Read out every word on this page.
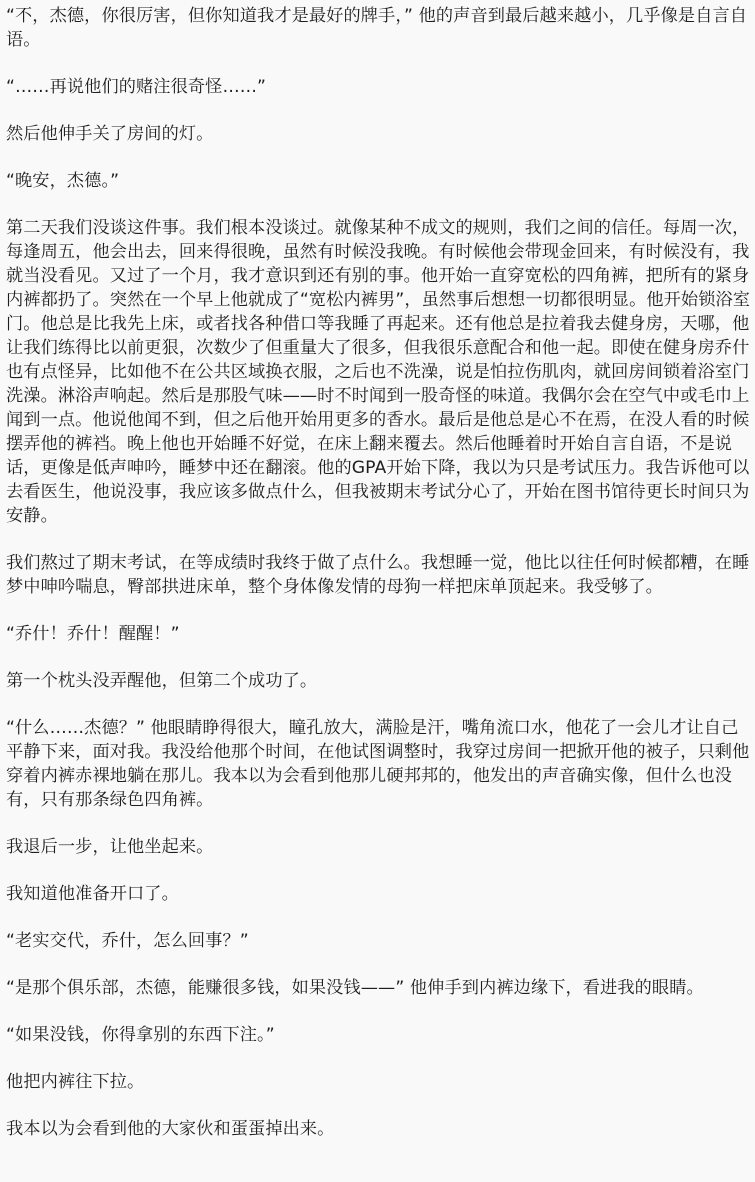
“不，杰德，你很厉害，但你知道我才是最好的牌手，” 他的声音到最后越来越小，几乎像是自言自语。

“……再说他们的赌注很奇怪……”

然后他伸手关了房间的灯。

“晚安，杰德。”

第二天我们没谈这件事。我们根本没谈过。就像某种不成文的规则，我们之间的信任。每周一次，每逢周五，他会出去，回来得很晚，虽然有时候没我晚。有时候他会带现金回来，有时候没有，我就当没看见。又过了一个月，我才意识到还有别的事。他开始一直穿宽松的四角裤，把所有的紧身内裤都扔了。突然在一个早上他就成了“宽松内裤男”，虽然事后想想一切都很明显。他开始锁浴室门。他总是比我先上床，或者找各种借口等我睡了再起来。还有他总是拉着我去健身房，天哪，他让我们练得比以前更狠，次数少了但重量大了很多，但我很乐意配合和他一起。即使在健身房乔什也有点怪异，比如他不在公共区域换衣服，之后也不洗澡，说是怕拉伤肌肉，就回房间锁着浴室门洗澡。淋浴声响起。然后是那股气味——时不时闻到一股奇怪的味道。我偶尔会在空气中或毛巾上闻到一点。他说他闻不到，但之后他开始用更多的香水。最后是他总是心不在焉，在没人看的时候摆弄他的裤裆。晚上他也开始睡不好觉，在床上翻来覆去。然后他睡着时开始自言自语，不是说话，更像是低声呻吟，睡梦中还在翻滚。他的GPA开始下降，我以为只是考试压力。我告诉他可以去看医生，他说没事，我应该多做点什么，但我被期末考试分心了，开始在图书馆待更长时间只为安静。

我们熬过了期末考试，在等成绩时我终于做了点什么。我想睡一觉，他比以往任何时候都糟，在睡梦中呻吟喘息，臀部拱进床单，整个身体像发情的母狗一样把床单顶起来。我受够了。

“乔什！乔什！醒醒！”

第一个枕头没弄醒他，但第二个成功了。

“什么……杰德？” 他眼睛睁得很大，瞳孔放大，满脸是汗，嘴角流口水，他花了一会儿才让自己平静下来，面对我。我没给他那个时间，在他试图调整时，我穿过房间一把掀开他的被子，只剩他穿着内裤赤裸地躺在那儿。我本以为会看到他那儿硬邦邦的，他发出的声音确实像，但什么也没有，只有那条绿色四角裤。

我退后一步，让他坐起来。

我知道他准备开口了。

“老实交代，乔什，怎么回事？”

“是那个俱乐部，杰德，能赚很多钱，如果没钱——” 他伸手到内裤边缘下，看进我的眼睛。

“如果没钱，你得拿别的东西下注。”

他把内裤往下拉。

我本以为会看到他的大家伙和蛋蛋掉出来。
